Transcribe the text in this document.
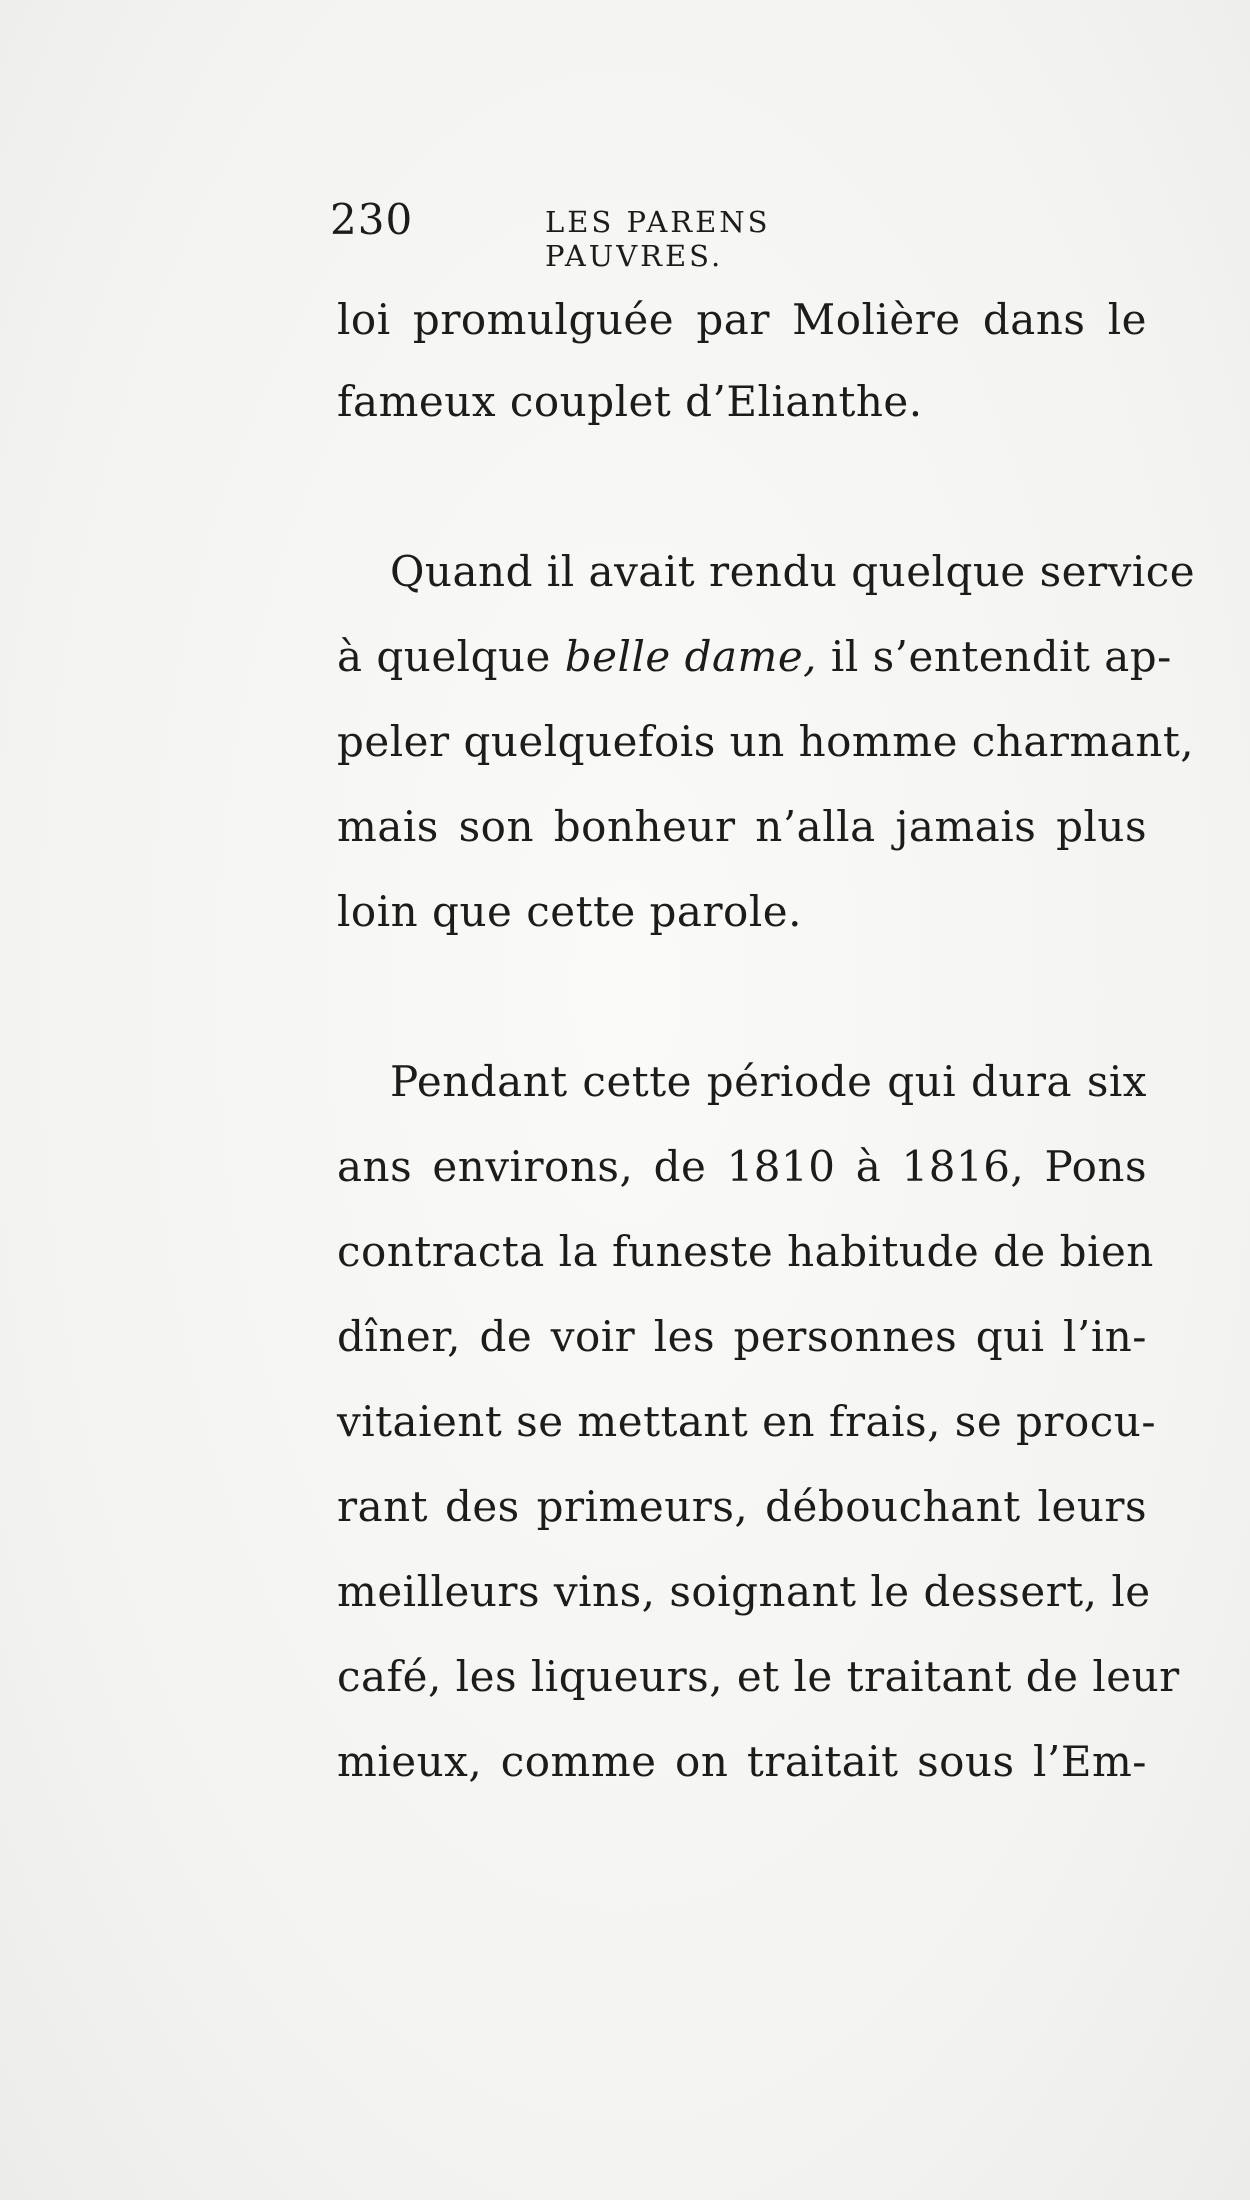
230	LES PARENS PAUVRES.
loi promulguée par Molière dans le
fameux couplet d’Elianthe.
Quand il avait rendu quelque service
à quelque belle dame, il s’entendit ap-
peler quelquefois un homme charmant,
mais son bonheur n’alla jamais plus
loin que cette parole.
Pendant cette période qui dura six
ans environs, de 1810 à 1816, Pons
contracta la funeste habitude de bien
dîner, de voir les personnes qui l’in-
vitaient se mettant en frais, se procu-
rant des primeurs, débouchant leurs
meilleurs vins, soignant le dessert, le
café, les liqueurs, et le traitant de leur
mieux, comme on traitait sous l’Em-
